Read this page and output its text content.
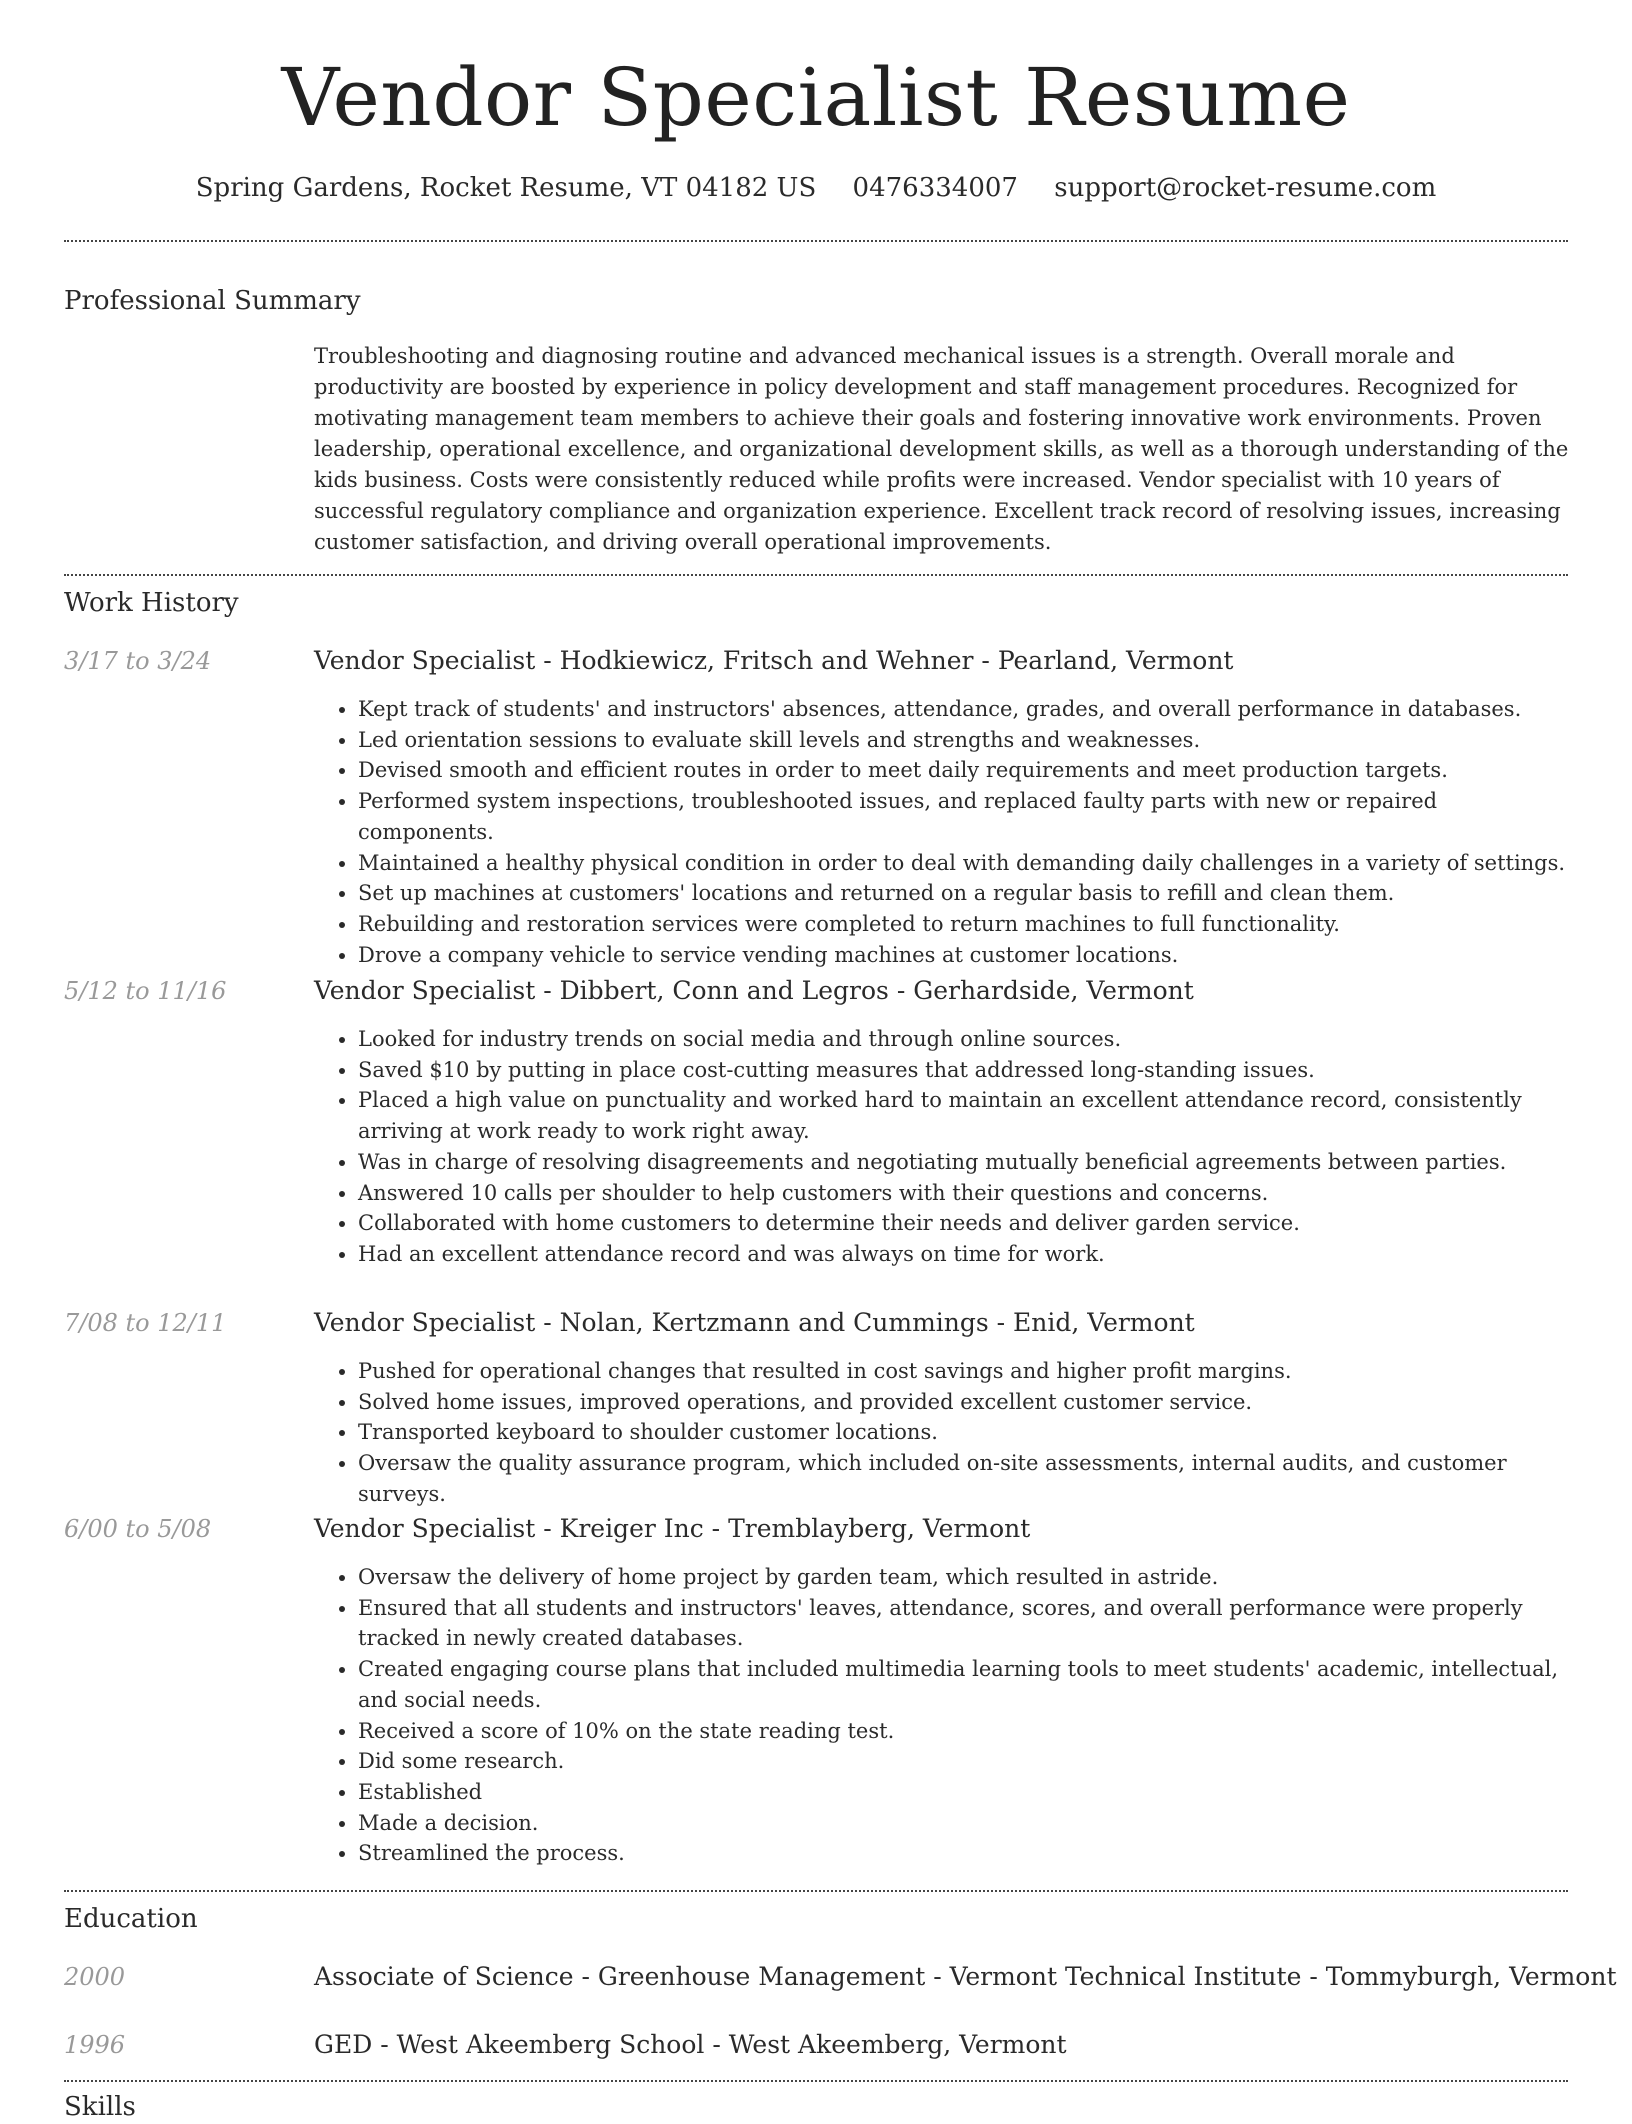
Vendor Specialist Resume
Spring Gardens, Rocket Resume, VT 04182 US 0476334007 support@rocket-resume.com
Professional Summary

Troubleshooting and diagnosing routine and advanced mechanical issues is a strength. Overall morale and productivity are boosted by experience in policy development and staff management procedures. Recognized for motivating management team members to achieve their goals and fostering innovative work environments. Proven leadership, operational excellence, and organizational development skills, as well as a thorough understanding of the kids business. Costs were consistently reduced while profits were increased. Vendor specialist with 10 years of successful regulatory compliance and organization experience. Excellent track record of resolving issues, increasing customer satisfaction, and driving overall operational improvements.

Work History
3/17 to 3/24	Vendor Specialist - Hodkiewicz, Fritsch and Wehner - Pearland, Vermont
• Kept track of students' and instructors' absences, attendance, grades, and overall performance in databases.
• Led orientation sessions to evaluate skill levels and strengths and weaknesses.
• Devised smooth and efficient routes in order to meet daily requirements and meet production targets.
• Performed system inspections, troubleshooted issues, and replaced faulty parts with new or repaired components.
• Maintained a healthy physical condition in order to deal with demanding daily challenges in a variety of settings.
• Set up machines at customers' locations and returned on a regular basis to refill and clean them.
• Rebuilding and restoration services were completed to return machines to full functionality.
• Drove a company vehicle to service vending machines at customer locations.
5/12 to 11/16	Vendor Specialist - Dibbert, Conn and Legros - Gerhardside, Vermont
• Looked for industry trends on social media and through online sources.
• Saved $10 by putting in place cost-cutting measures that addressed long-standing issues.
• Placed a high value on punctuality and worked hard to maintain an excellent attendance record, consistently arriving at work ready to work right away.
• Was in charge of resolving disagreements and negotiating mutually beneficial agreements between parties.
• Answered 10 calls per shoulder to help customers with their questions and concerns.
• Collaborated with home customers to determine their needs and deliver garden service.
• Had an excellent attendance record and was always on time for work.
7/08 to 12/11	Vendor Specialist - Nolan, Kertzmann and Cummings - Enid, Vermont
• Pushed for operational changes that resulted in cost savings and higher profit margins.
• Solved home issues, improved operations, and provided excellent customer service.
• Transported keyboard to shoulder customer locations.
• Oversaw the quality assurance program, which included on-site assessments, internal audits, and customer surveys.
6/00 to 5/08	Vendor Specialist - Kreiger Inc - Tremblayberg, Vermont
• Oversaw the delivery of home project by garden team, which resulted in astride.
• Ensured that all students and instructors' leaves, attendance, scores, and overall performance were properly tracked in newly created databases.
• Created engaging course plans that included multimedia learning tools to meet students' academic, intellectual, and social needs.
• Received a score of 10% on the state reading test.
• Did some research.
• Established
• Made a decision.
• Streamlined the process.
Education
2000	Associate of Science - Greenhouse Management - Vermont Technical Institute - Tommyburgh, Vermont
1996	GED - West Akeemberg School - West Akeemberg, Vermont
Skills
